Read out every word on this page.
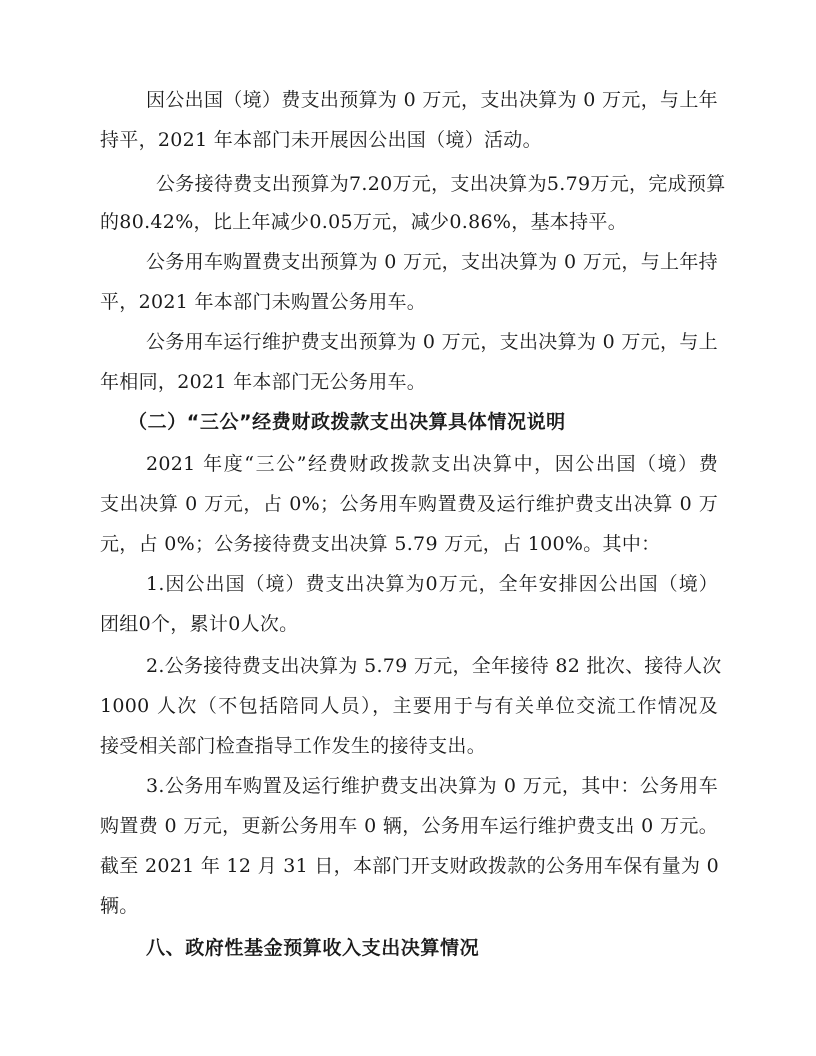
因公出国（境）费支出预算为 0 万元，支出决算为 0 万元，与上年
持平，2021 年本部门未开展因公出国（境）活动。
公务接待费支出预算为7.20万元，支出决算为5.79万元，完成预算
的80.42%，比上年减少0.05万元，减少0.86%，基本持平。
公务用车购置费支出预算为 0 万元，支出决算为 0 万元，与上年持
平，2021 年本部门未购置公务用车。
公务用车运行维护费支出预算为 0 万元，支出决算为 0 万元，与上
年相同，2021 年本部门无公务用车。
（二）“三公”经费财政拨款支出决算具体情况说明
2021 年度“三公”经费财政拨款支出决算中，因公出国（境）费
支出决算 0 万元，占 0%；公务用车购置费及运行维护费支出决算 0 万
元，占 0%；公务接待费支出决算 5.79 万元，占 100%。其中：
1.因公出国（境）费支出决算为0万元，全年安排因公出国（境）
团组0个，累计0人次。
2.公务接待费支出决算为 5.79 万元，全年接待 82 批次、接待人次
1000 人次（不包括陪同人员），主要用于与有关单位交流工作情况及
接受相关部门检查指导工作发生的接待支出。
3.公务用车购置及运行维护费支出决算为 0 万元，其中：公务用车
购置费 0 万元，更新公务用车 0 辆，公务用车运行维护费支出 0 万元。
截至 2021 年 12 月 31 日，本部门开支财政拨款的公务用车保有量为 0
辆。
八、政府性基金预算收入支出决算情况
